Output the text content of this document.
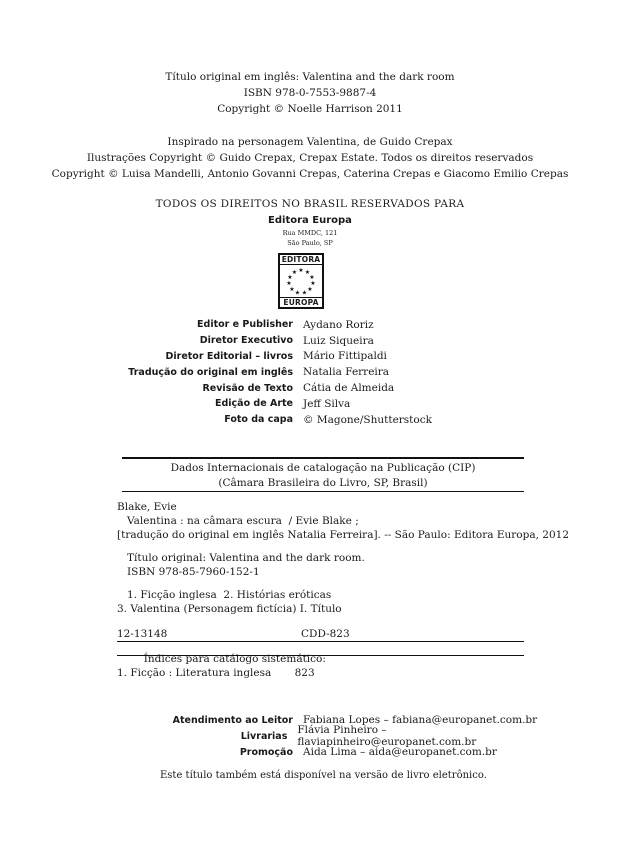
Título original em inglês: Valentina and the dark room
ISBN 978-0-7553-9887-4
Copyright © Noelle Harrison 2011
Inspirado na personagem Valentina, de Guido Crepax
Ilustrações Copyright © Guido Crepax, Crepax Estate. Todos os direitos reservados
Copyright © Luisa Mandelli, Antonio Govanni Crepas, Caterina Crepas e Giacomo Emilio Crepas
TODOS OS DIREITOS NO BRASIL RESERVADOS PARA
Editora Europa
Rua MMDC, 121
São Paulo, SP
EDITORA
★ ★
★
★
★
★
★
★
★
★
★
EUROPA
Editor e Publisher Aydano Roriz
Diretor Executivo Luiz Siqueira
Diretor Editorial – livros Mário Fittipaldi
Tradução do original em inglês Natalia Ferreira
Revisão de Texto Cátia de Almeida
Edição de Arte Jeff Silva
Foto da capa © Magone/Shutterstock
Dados Internacionais de catalogação na Publicação (CIP)
(Câmara Brasileira do Livro, SP, Brasil)
Blake, Evie
Valentina : na câmara escura  / Evie Blake ;
[tradução do original em inglês Natalia Ferreira]. -- São Paulo: Editora Europa, 2012
Título original: Valentina and the dark room.
ISBN 978-85-7960-152-1
1. Ficção inglesa  2. Histórias eróticas
3. Valentina (Personagem fictícia) I. Título
12-13148	CDD-823
Índices para catálogo sistemático:
1. Ficção : Literatura inglesa       823
Atendimento ao Leitor Fabiana Lopes – fabiana@europanet.com.br
Livrarias Flávia Pinheiro – flaviapinheiro@europanet.com.br
Promoção Aida Lima – aida@europanet.com.br
Este título também está disponível na versão de livro eletrônico.
